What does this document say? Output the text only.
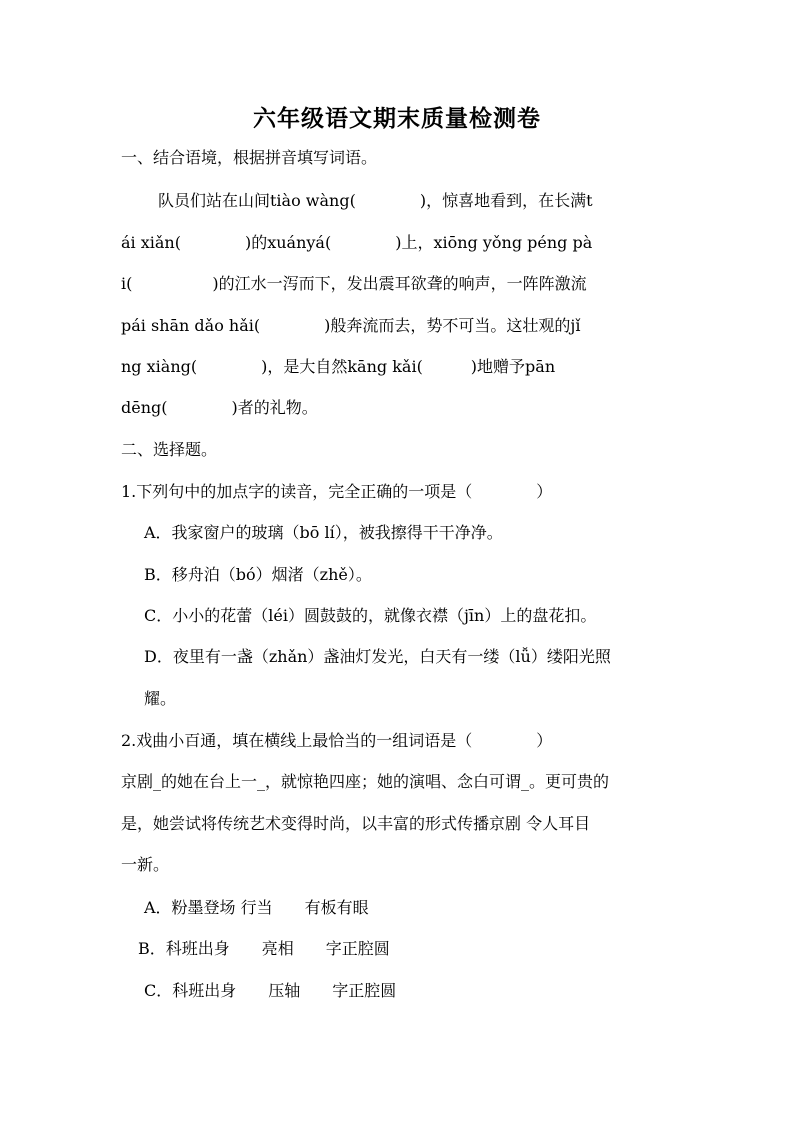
六年级语文期末质量检测卷
一、结合语境，根据拼音填写词语。
队员们站在山间tiào wàng(　　　　)，惊喜地看到，在长满t
ái xiǎn(　　　　)的xuányá(　　　　)上，xiōng yǒng péng pà
i(　　　　　)的江水一泻而下，发出震耳欲聋的响声，一阵阵激流
pái shān dǎo hǎi(　　　　)般奔流而去，势不可当。这壮观的jǐ
ng xiàng(　　　　)，是大自然kāng kǎi(　　　)地赠予pān
dēng(　　　　)者的礼物。
二、选择题。
1.下列句中的加点字的读音，完全正确的一项是（　　　　）
A．我家窗户的玻璃（bō lí），被我擦得干干净净。
B．移舟泊（bó）烟渚（zhě）。
C．小小的花蕾（léi）圆鼓鼓的，就像衣襟（jīn）上的盘花扣。
D．夜里有一盏（zhǎn）盏油灯发光，白天有一缕（lǚ）缕阳光照
耀。
2.戏曲小百通，填在横线上最恰当的一组词语是（　　　　）
京剧_的她在台上一_，就惊艳四座；她的演唱、念白可谓_。更可贵的
是，她尝试将传统艺术变得时尚，以丰富的形式传播京剧 令人耳目
一新。
A．粉墨登场 行当　　有板有眼
B．科班出身　　亮相　　字正腔圆
C．科班出身　　压轴　　字正腔圆
